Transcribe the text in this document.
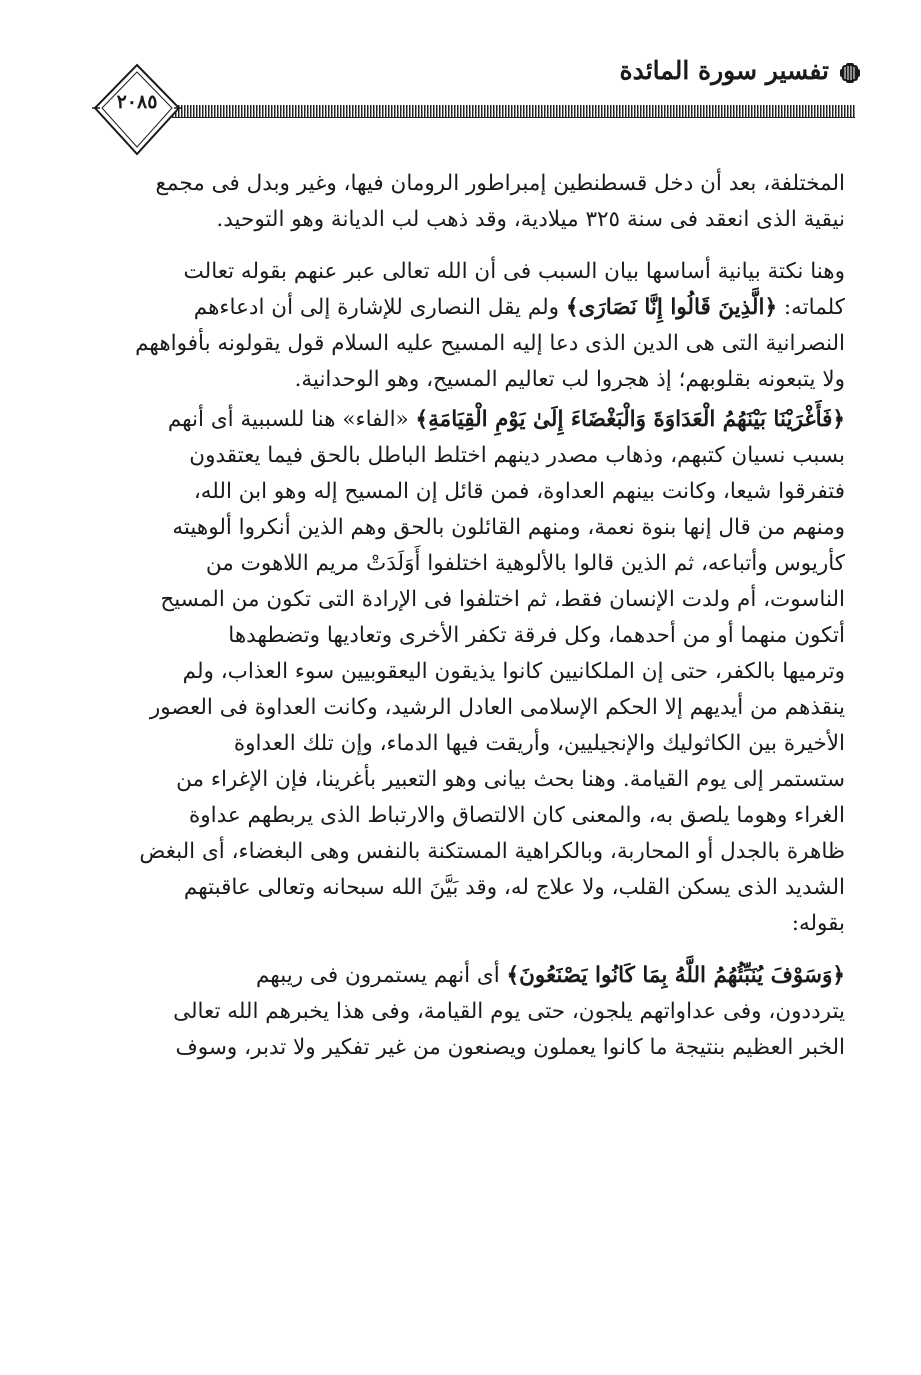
تفسير سورة المائدة
٢٠٨٥

المختلفة، بعد أن دخل قسطنطين إمبراطور الرومان فيها، وغير وبدل فى مجمع
نيقية الذى انعقد فى سنة ٣٢٥ ميلادية، وقد ذهب لب الديانة وهو التوحيد.

وهنا نكتة بيانية أساسها بيان السبب فى أن الله تعالى عبر عنهم بقوله تعالت
كلماته: ﴿الَّذِينَ قَالُوا إِنَّا نَصَارَى﴾ ولم يقل النصارى للإشارة إلى أن ادعاءهم
النصرانية التى هى الدين الذى دعا إليه المسيح عليه السلام قول يقولونه بأفواههم
ولا يتبعونه بقلوبهم؛ إذ هجروا لب تعاليم المسيح، وهو الوحدانية.

﴿فَأَغْرَيْنَا بَيْنَهُمُ الْعَدَاوَةَ وَالْبَغْضَاءَ إِلَىٰ يَوْمِ الْقِيَامَةِ﴾ «الفاء» هنا للسببية أى أنهم
بسبب نسيان كتبهم، وذهاب مصدر دينهم اختلط الباطل بالحق فيما يعتقدون
فتفرقوا شيعا، وكانت بينهم العداوة، فمن قائل إن المسيح إله وهو ابن الله،
ومنهم من قال إنها بنوة نعمة، ومنهم القائلون بالحق وهم الذين أنكروا ألوهيته
كأريوس وأتباعه، ثم الذين قالوا بالألوهية اختلفوا أَوَلَدَتْ مريم اللاهوت من
الناسوت، أم ولدت الإنسان فقط، ثم اختلفوا فى الإرادة التى تكون من المسيح
أتكون منهما أو من أحدهما، وكل فرقة تكفر الأخرى وتعاديها وتضطهدها
وترميها بالكفر، حتى إن الملكانيين كانوا يذيقون اليعقوبيين سوء العذاب، ولم
ينقذهم من أيديهم إلا الحكم الإسلامى العادل الرشيد، وكانت العداوة فى العصور
الأخيرة بين الكاثوليك والإنجيليين، وأريقت فيها الدماء، وإن تلك العداوة
ستستمر إلى يوم القيامة. وهنا بحث بيانى وهو التعبير بأغرينا، فإن الإغراء من
الغراء وهوما يلصق به، والمعنى كان الالتصاق والارتباط الذى يربطهم عداوة
ظاهرة بالجدل أو المحاربة، وبالكراهية المستكنة بالنفس وهى البغضاء، أى البغض
الشديد الذى يسكن القلب، ولا علاج له، وقد بَيَّنَ الله سبحانه وتعالى عاقبتهم
بقوله:

﴿وَسَوْفَ يُنَبِّئُهُمُ اللَّهُ بِمَا كَانُوا يَصْنَعُونَ﴾ أى أنهم يستمرون فى ريبهم
يترددون، وفى عداواتهم يلجون، حتى يوم القيامة، وفى هذا يخبرهم الله تعالى
الخبر العظيم بنتيجة ما كانوا يعملون ويصنعون من غير تفكير ولا تدبر، وسوف
